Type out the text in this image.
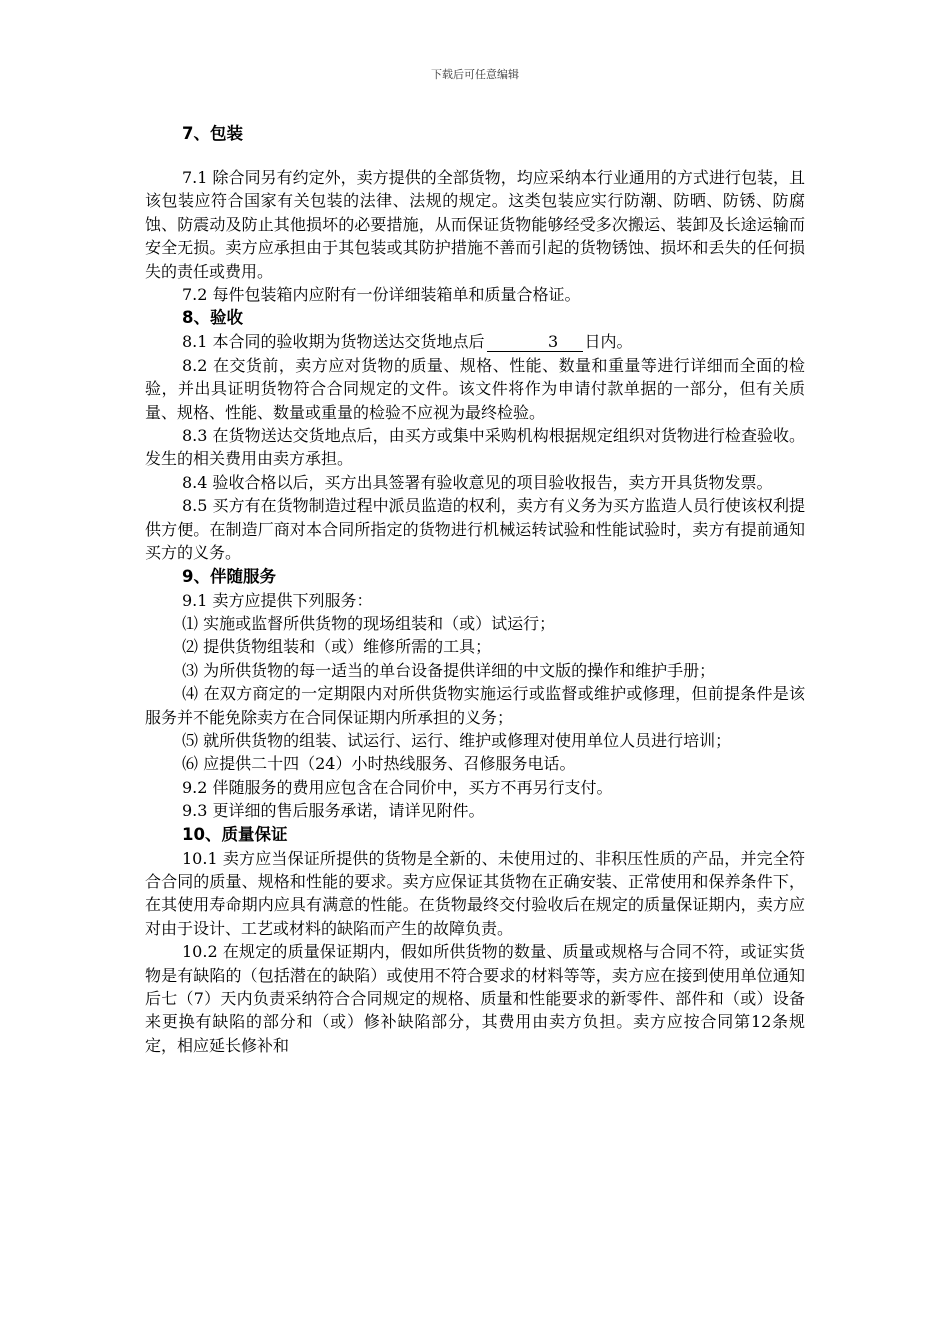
下载后可任意编辑
7、包装

7.1 除合同另有约定外，卖方提供的全部货物，均应采纳本行业通用的方式进行包装，且该包装应符合国家有关包装的法律、法规的规定。这类包装应实行防潮、防晒、防锈、防腐蚀、防震动及防止其他损坏的必要措施，从而保证货物能够经受多次搬运、装卸及长途运输而安全无损。卖方应承担由于其包装或其防护措施不善而引起的货物锈蚀、损坏和丢失的任何损失的责任或费用。

7.2 每件包装箱内应附有一份详细装箱单和质量合格证。

8、验收

8.1 本合同的验收期为货物送达交货地点后	3 日内。

8.2 在交货前，卖方应对货物的质量、规格、性能、数量和重量等进行详细而全面的检验，并出具证明货物符合合同规定的文件。该文件将作为申请付款单据的一部分，但有关质量、规格、性能、数量或重量的检验不应视为最终检验。

8.3 在货物送达交货地点后，由买方或集中采购机构根据规定组织对货物进行检查验收。发生的相关费用由卖方承担。

8.4 验收合格以后，买方出具签署有验收意见的项目验收报告，卖方开具货物发票。

8.5 买方有在货物制造过程中派员监造的权利，卖方有义务为买方监造人员行使该权利提供方便。在制造厂商对本合同所指定的货物进行机械运转试验和性能试验时，卖方有提前通知买方的义务。

9、伴随服务

9.1 卖方应提供下列服务：

⑴ 实施或监督所供货物的现场组装和（或）试运行；

⑵ 提供货物组装和（或）维修所需的工具；

⑶ 为所供货物的每一适当的单台设备提供详细的中文版的操作和维护手册；

⑷ 在双方商定的一定期限内对所供货物实施运行或监督或维护或修理，但前提条件是该服务并不能免除卖方在合同保证期内所承担的义务；

⑸ 就所供货物的组装、试运行、运行、维护或修理对使用单位人员进行培训；

⑹ 应提供二十四（24）小时热线服务、召修服务电话。

9.2 伴随服务的费用应包含在合同价中，买方不再另行支付。

9.3 更详细的售后服务承诺，请详见附件。

10、质量保证

10.1 卖方应当保证所提供的货物是全新的、未使用过的、非积压性质的产品，并完全符合合同的质量、规格和性能的要求。卖方应保证其货物在正确安装、正常使用和保养条件下，在其使用寿命期内应具有满意的性能。在货物最终交付验收后在规定的质量保证期内，卖方应对由于设计、工艺或材料的缺陷而产生的故障负责。

10.2 在规定的质量保证期内，假如所供货物的数量、质量或规格与合同不符，或证实货物是有缺陷的（包括潜在的缺陷）或使用不符合要求的材料等等，卖方应在接到使用单位通知后七（7）天内负责采纳符合合同规定的规格、质量和性能要求的新零件、部件和（或）设备来更换有缺陷的部分和（或）修补缺陷部分，其费用由卖方负担。卖方应按合同第12条规定，相应延长修补和
